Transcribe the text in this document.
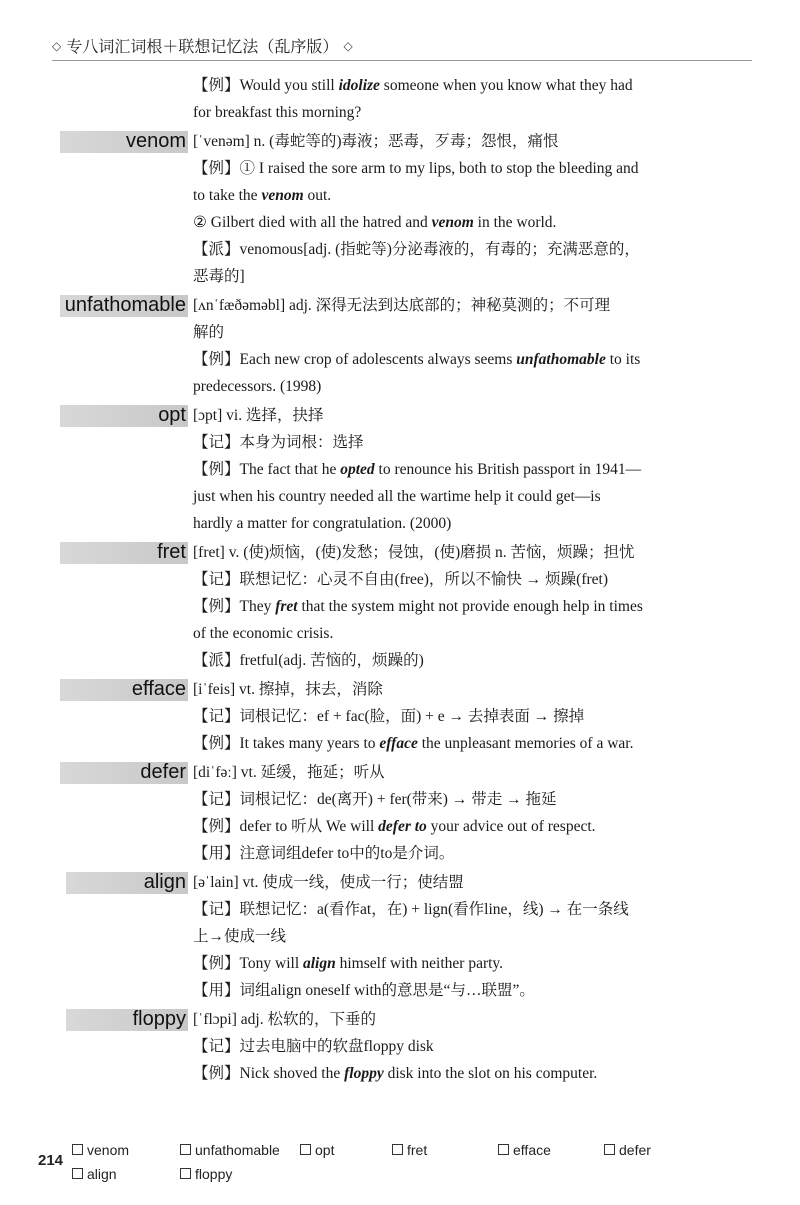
◇ 专八词汇词根＋联想记忆法（乱序版） ◇
【例】Would you still idolize someone when you know what they had
for breakfast this morning?
venom [ˈvenəm] n. (毒蛇等的)毒液；恶毒，歹毒；怨恨，痛恨
【例】① I raised the sore arm to my lips, both to stop the bleeding and
to take the venom out.
② Gilbert died with all the hatred and venom in the world.
【派】venomous[adj. (指蛇等)分泌毒液的，有毒的；充满恶意的，
恶毒的]
unfathomable [ʌnˈfæðəməbl] adj. 深得无法到达底部的；神秘莫测的；不可理
解的
【例】Each new crop of adolescents always seems unfathomable to its
predecessors. (1998)
opt [ɔpt] vi. 选择，抉择
【记】本身为词根：选择
【例】The fact that he opted to renounce his British passport in 1941—
just when his country needed all the wartime help it could get—is
hardly a matter for congratulation. (2000)
fret [fret] v. (使)烦恼，(使)发愁；侵蚀，(使)磨损 n. 苦恼，烦躁；担忧
【记】联想记忆：心灵不自由(free)，所以不愉快 → 烦躁(fret)
【例】They fret that the system might not provide enough help in times
of the economic crisis.
【派】fretful(adj. 苦恼的，烦躁的)
efface [iˈfeis] vt. 擦掉，抹去，消除
【记】词根记忆：ef + fac(脸，面) + e → 去掉表面 → 擦掉
【例】It takes many years to efface the unpleasant memories of a war.
defer [diˈfəː] vt. 延缓，拖延；听从
【记】词根记忆：de(离开) + fer(带来) → 带走 → 拖延
【例】defer to 听从 We will defer to your advice out of respect.
【用】注意词组defer to中的to是介词。
align [əˈlain] vt. 使成一线，使成一行；使结盟
【记】联想记忆：a(看作at，在) + lign(看作line，线) → 在一条线
上→使成一线
【例】Tony will align himself with neither party.
【用】词组align oneself with的意思是“与…联盟”。
floppy [ˈflɔpi] adj. 松软的，下垂的
【记】过去电脑中的软盘floppy disk
【例】Nick shoved the floppy disk into the slot on his computer.
214
venom	unfathomable	opt	fret	efface	defer
align	floppy
